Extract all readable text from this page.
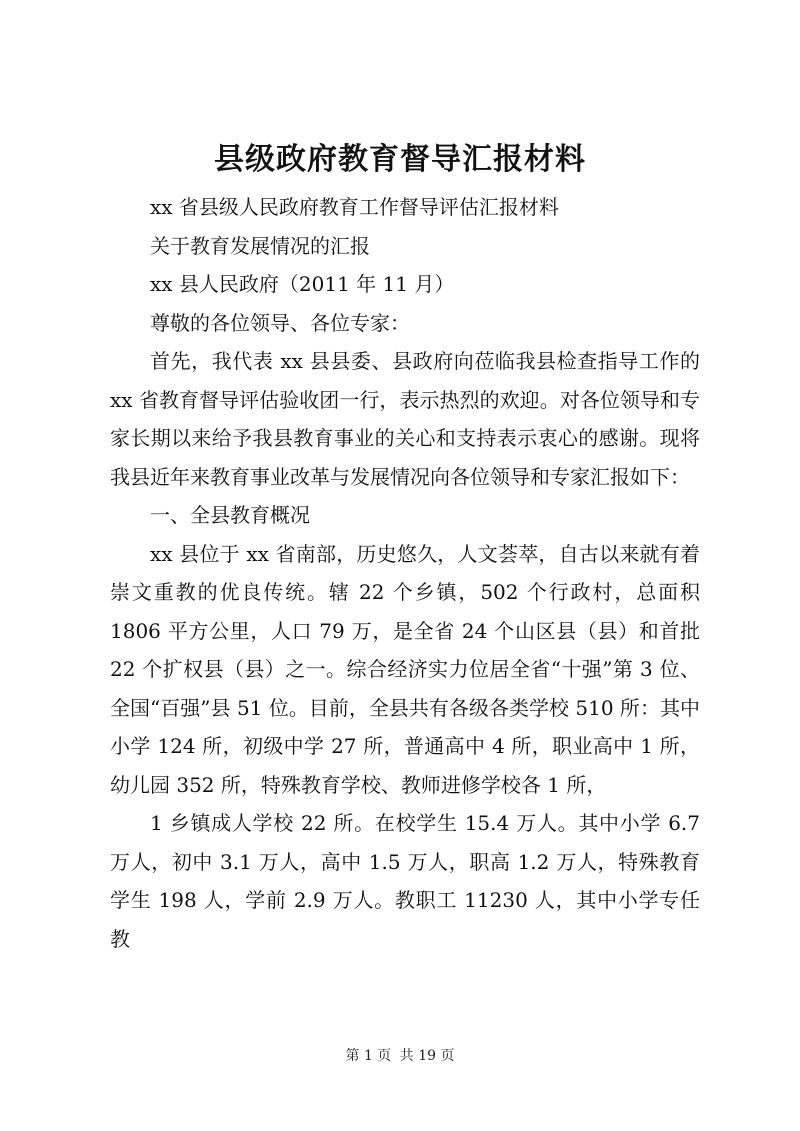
县级政府教育督导汇报材料

xx 省县级人民政府教育工作督导评估汇报材料

关于教育发展情况的汇报

xx 县人民政府（2011 年 11 月）

尊敬的各位领导、各位专家：

首先，我代表 xx 县县委、县政府向莅临我县检查指导工作的 xx 省教育督导评估验收团一行，表示热烈的欢迎。对各位领导和专家长期以来给予我县教育事业的关心和支持表示衷心的感谢。现将我县近年来教育事业改革与发展情况向各位领导和专家汇报如下：

一、全县教育概况

xx 县位于 xx 省南部，历史悠久，人文荟萃，自古以来就有着崇文重教的优良传统。辖 22 个乡镇，502 个行政村，总面积 1806 平方公里，人口 79 万，是全省 24 个山区县（县）和首批 22 个扩权县（县）之一。综合经济实力位居全省“十强”第 3 位、全国“百强”县 51 位。目前，全县共有各级各类学校 510 所：其中小学 124 所，初级中学 27 所，普通高中 4 所，职业高中 1 所，幼儿园 352 所，特殊教育学校、教师进修学校各 1 所，

1 乡镇成人学校 22 所。在校学生 15.4 万人。其中小学 6.7 万人，初中 3.1 万人，高中 1.5 万人，职高 1.2 万人，特殊教育学生 198 人，学前 2.9 万人。教职工 11230 人，其中小学专任教

第 1 页 共 19 页
